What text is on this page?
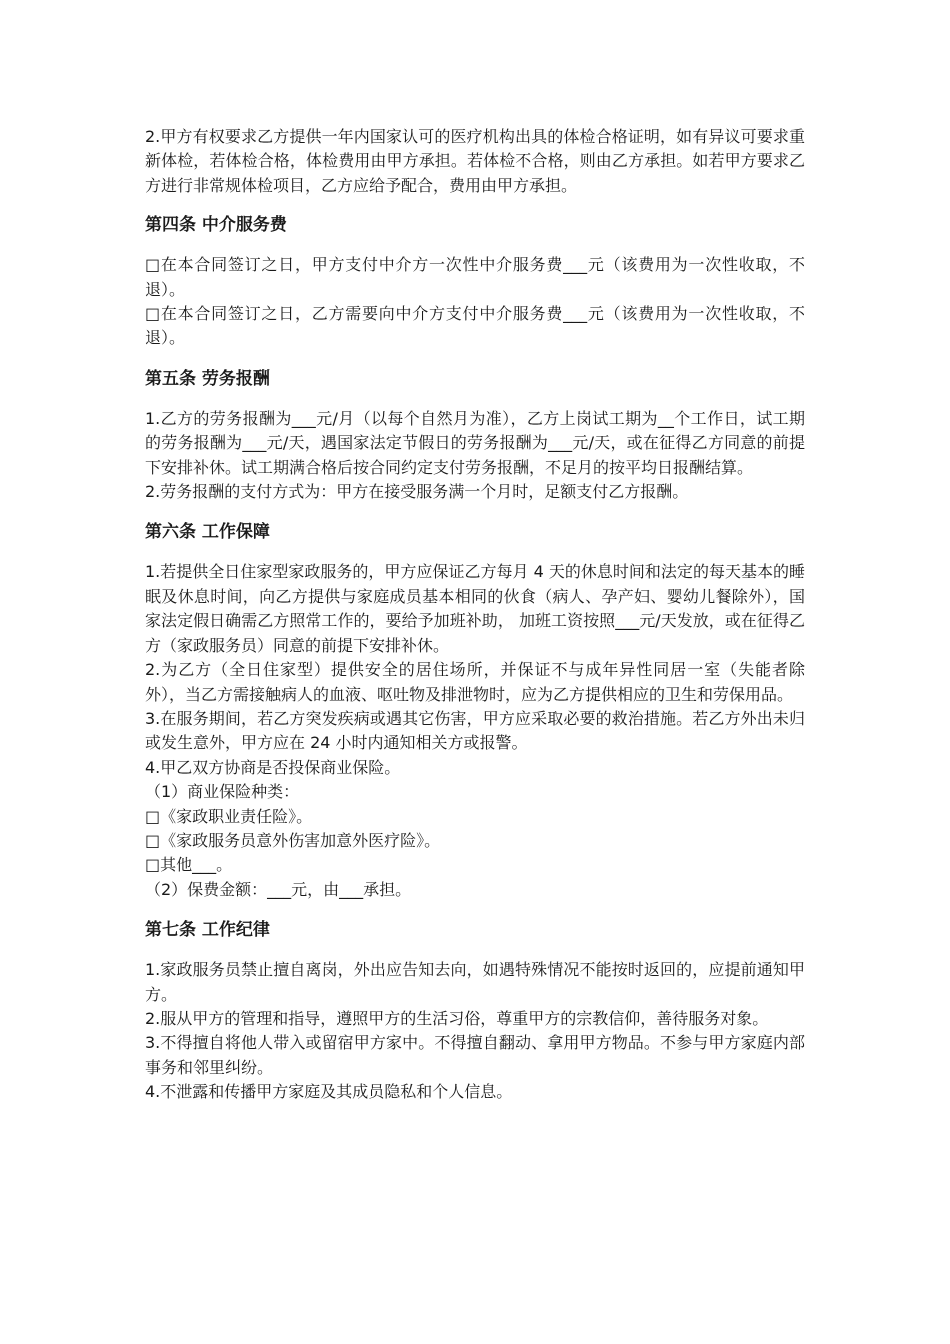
2.甲方有权要求乙方提供一年内国家认可的医疗机构出具的体检合格证明，如有异议可要求重新体检，若体检合格，体检费用由甲方承担。若体检不合格，则由乙方承担。如若甲方要求乙方进行非常规体检项目，乙方应给予配合，费用由甲方承担。

第四条 中介服务费

□在本合同签订之日，甲方支付中介方一次性中介服务费___元（该费用为一次性收取，不退）。

□在本合同签订之日，乙方需要向中介方支付中介服务费___元（该费用为一次性收取，不退）。

第五条 劳务报酬

1.乙方的劳务报酬为___元/月（以每个自然月为准），乙方上岗试工期为__个工作日，试工期的劳务报酬为___元/天，遇国家法定节假日的劳务报酬为___元/天，或在征得乙方同意的前提下安排补休。试工期满合格后按合同约定支付劳务报酬，不足月的按平均日报酬结算。

2.劳务报酬的支付方式为：甲方在接受服务满一个月时，足额支付乙方报酬。

第六条 工作保障

1.若提供全日住家型家政服务的，甲方应保证乙方每月 4 天的休息时间和法定的每天基本的睡眠及休息时间，向乙方提供与家庭成员基本相同的伙食（病人、孕产妇、婴幼儿餐除外），国家法定假日确需乙方照常工作的，要给予加班补助， 加班工资按照___元/天发放，或在征得乙方（家政服务员）同意的前提下安排补休。

2.为乙方（全日住家型）提供安全的居住场所，并保证不与成年异性同居一室（失能者除外），当乙方需接触病人的血液、呕吐物及排泄物时，应为乙方提供相应的卫生和劳保用品。

3.在服务期间，若乙方突发疾病或遇其它伤害，甲方应采取必要的救治措施。若乙方外出未归或发生意外，甲方应在 24 小时内通知相关方或报警。

4.甲乙双方协商是否投保商业保险。

（1）商业保险种类：

□《家政职业责任险》。

□《家政服务员意外伤害加意外医疗险》。

□其他___。

（2）保费金额：___元，由___承担。

第七条 工作纪律

1.家政服务员禁止擅自离岗，外出应告知去向，如遇特殊情况不能按时返回的，应提前通知甲方。

2.服从甲方的管理和指导，遵照甲方的生活习俗，尊重甲方的宗教信仰，善待服务对象。

3.不得擅自将他人带入或留宿甲方家中。不得擅自翻动、拿用甲方物品。不参与甲方家庭内部事务和邻里纠纷。

4.不泄露和传播甲方家庭及其成员隐私和个人信息。
